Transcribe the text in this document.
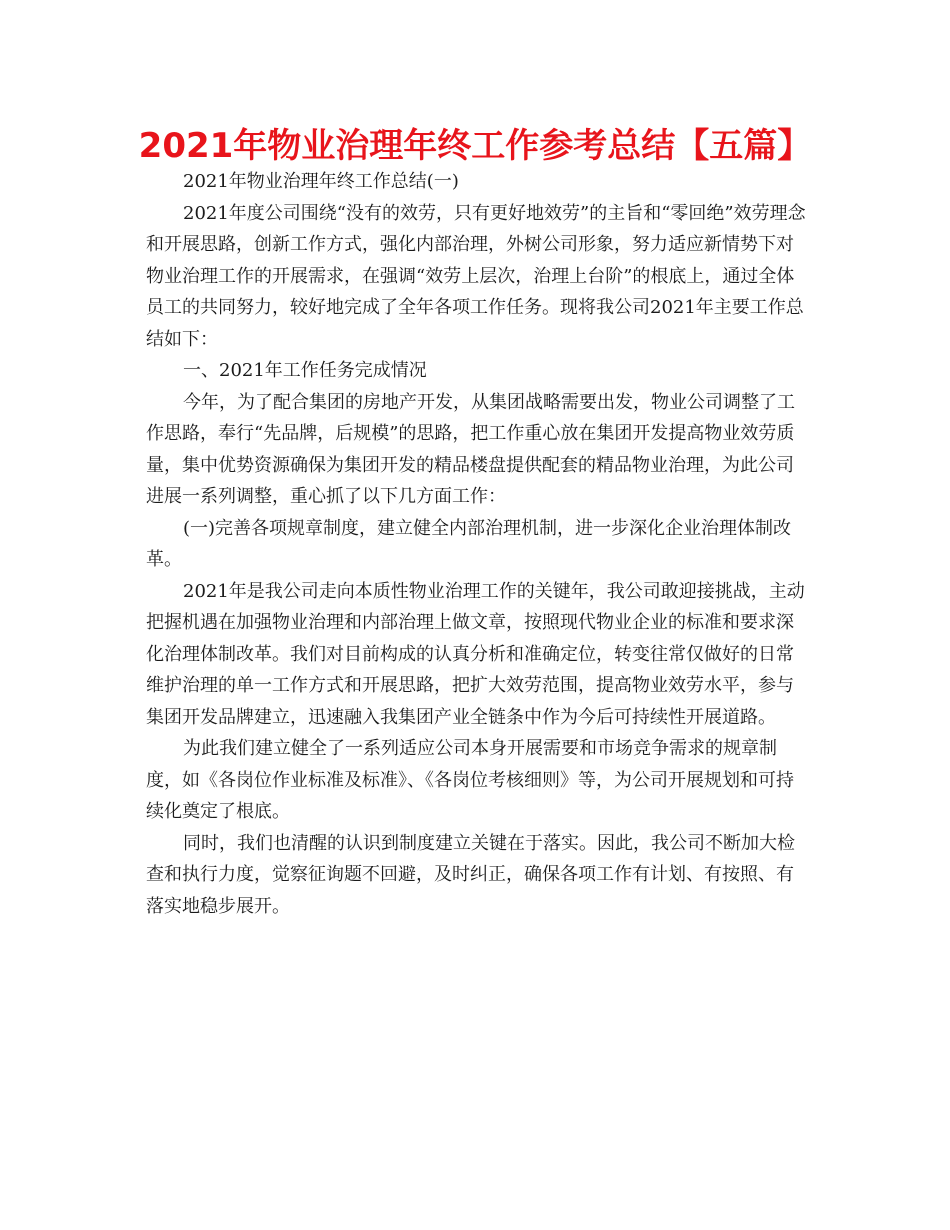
2021年物业治理年终工作参考总结【五篇】

2021年物业治理年终工作总结(一)

2021年度公司围绕“没有的效劳，只有更好地效劳”的主旨和“零回绝”效劳理念和开展思路，创新工作方式，强化内部治理，外树公司形象，努力适应新情势下对物业治理工作的开展需求，在强调“效劳上层次，治理上台阶”的根底上，通过全体员工的共同努力，较好地完成了全年各项工作任务。现将我公司2021年主要工作总结如下：

一、2021年工作任务完成情况

今年，为了配合集团的房地产开发，从集团战略需要出发，物业公司调整了工作思路，奉行“先品牌，后规模”的思路，把工作重心放在集团开发提高物业效劳质量，集中优势资源确保为集团开发的精品楼盘提供配套的精品物业治理，为此公司进展一系列调整，重心抓了以下几方面工作：

(一)完善各项规章制度，建立健全内部治理机制，进一步深化企业治理体制改革。

2021年是我公司走向本质性物业治理工作的关键年，我公司敢迎接挑战，主动把握机遇在加强物业治理和内部治理上做文章，按照现代物业企业的标准和要求深化治理体制改革。我们对目前构成的认真分析和准确定位，转变往常仅做好的日常维护治理的单一工作方式和开展思路，把扩大效劳范围，提高物业效劳水平，参与集团开发品牌建立，迅速融入我集团产业全链条中作为今后可持续性开展道路。

为此我们建立健全了一系列适应公司本身开展需要和市场竞争需求的规章制度，如《各岗位作业标准及标准》、《各岗位考核细则》等，为公司开展规划和可持续化奠定了根底。

同时，我们也清醒的认识到制度建立关键在于落实。因此，我公司不断加大检查和执行力度，觉察征询题不回避，及时纠正，确保各项工作有计划、有按照、有落实地稳步展开。
